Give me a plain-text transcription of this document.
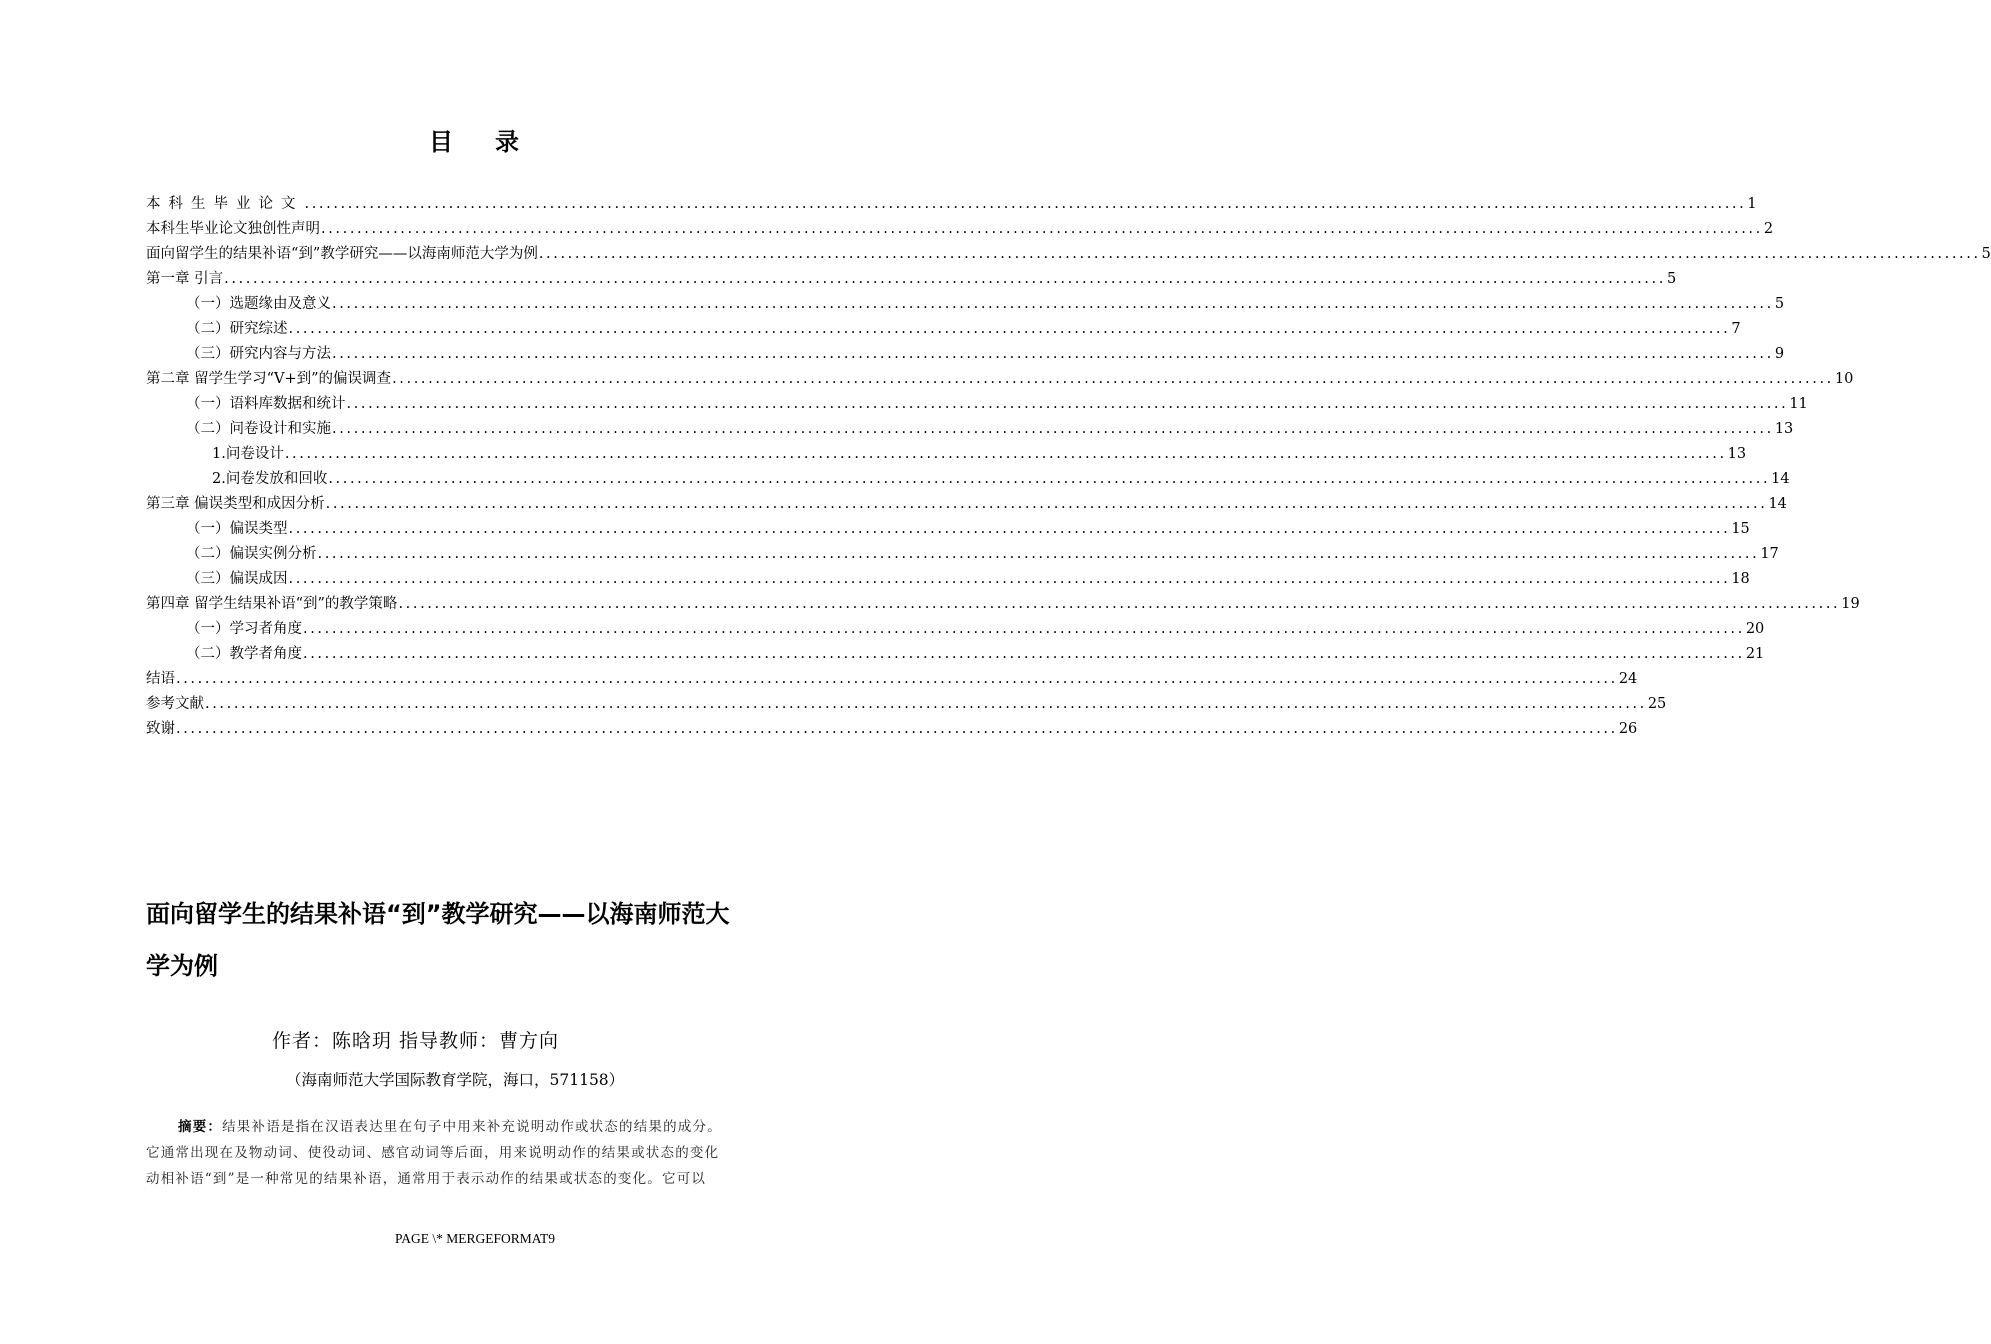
目 录
本科生毕业论文 ........................................................................................................................................................................................................ 1
本科生毕业论文独创性声明 ........................................................................................................................................................................................................ 2
面向留学生的结果补语“到”教学研究——以海南师范大学为例 ........................................................................................................................................................................................................ 5
第一章 引言 ........................................................................................................................................................................................................ 5
（一）选题缘由及意义 ........................................................................................................................................................................................................ 5
（二）研究综述 ........................................................................................................................................................................................................ 7
（三）研究内容与方法 ........................................................................................................................................................................................................ 9
第二章 留学生学习“V+到”的偏误调查 ........................................................................................................................................................................................................ 10
（一）语料库数据和统计 ........................................................................................................................................................................................................ 11
（二）问卷设计和实施 ........................................................................................................................................................................................................ 13
1.问卷设计 ........................................................................................................................................................................................................ 13
2.问卷发放和回收 ........................................................................................................................................................................................................ 14
第三章 偏误类型和成因分析 ........................................................................................................................................................................................................ 14
（一）偏误类型 ........................................................................................................................................................................................................ 15
（二）偏误实例分析 ........................................................................................................................................................................................................ 17
（三）偏误成因 ........................................................................................................................................................................................................ 18
第四章 留学生结果补语“到”的教学策略 ........................................................................................................................................................................................................ 19
（一）学习者角度 ........................................................................................................................................................................................................ 20
（二）教学者角度 ........................................................................................................................................................................................................ 21
结语 ........................................................................................................................................................................................................ 24
参考文献 ........................................................................................................................................................................................................ 25
致谢 ........................................................................................................................................................................................................ 26
面向留学生的结果补语“到”教学研究——以海南师范大
学为例
作者：陈晗玥 指导教师：曹方向
（海南师范大学国际教育学院，海口，571158）
摘要：结果补语是指在汉语表达里在句子中用来补充说明动作或状态的结果的成分。
它通常出现在及物动词、使役动词、感官动词等后面，用来说明动作的结果或状态的变化
动相补语“到”是一种常见的结果补语，通常用于表示动作的结果或状态的变化。它可以
PAGE \* MERGEFORMAT9
